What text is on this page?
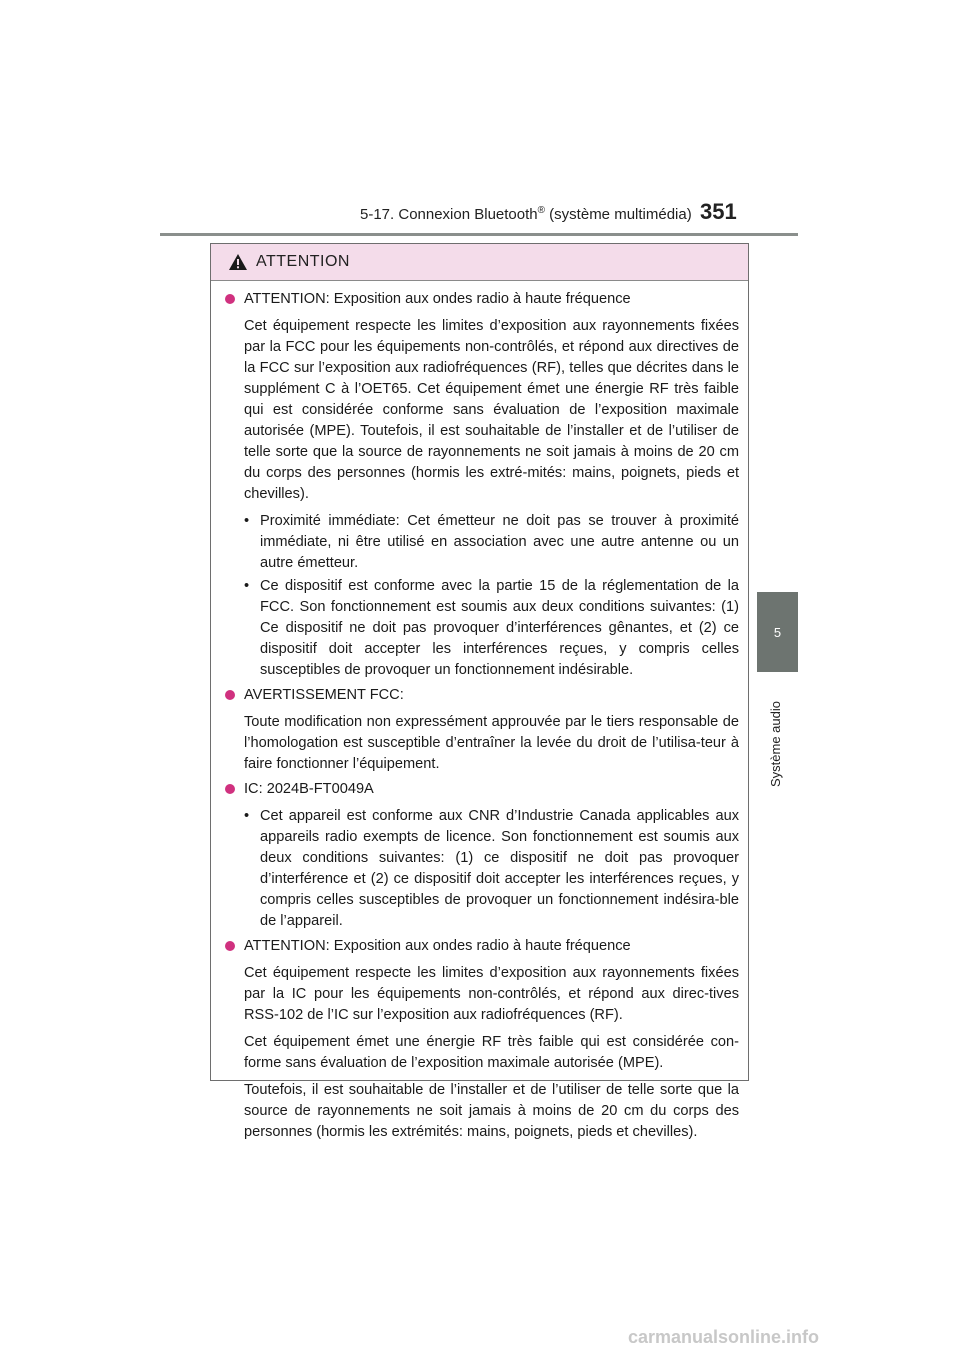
5-17. Connexion Bluetooth® (système multimédia) 351
5
Système audio
ATTENTION

ATTENTION: Exposition aux ondes radio à haute fréquence

Cet équipement respecte les limites d’exposition aux rayonnements fixées par la FCC pour les équipements non-contrôlés, et répond aux directives de la FCC sur l’exposition aux radiofréquences (RF), telles que décrites dans le supplément C à l’OET65. Cet équipement émet une énergie RF très faible qui est considérée conforme sans évaluation de l’exposition maximale autorisée (MPE). Toutefois, il est souhaitable de l’installer et de l’utiliser de telle sorte que la source de rayonnements ne soit jamais à moins de 20 cm du corps des personnes (hormis les extré-mités: mains, poignets, pieds et chevilles).

• Proximité immédiate: Cet émetteur ne doit pas se trouver à proximité immédiate, ni être utilisé en association avec une autre antenne ou un autre émetteur.
• Ce dispositif est conforme avec la partie 15 de la réglementation de la FCC. Son fonctionnement est soumis aux deux conditions suivantes: (1) Ce dispositif ne doit pas provoquer d’interférences gênantes, et (2) ce dispositif doit accepter les interférences reçues, y compris celles susceptibles de provoquer un fonctionnement indésirable.

AVERTISSEMENT FCC:

Toute modification non expressément approuvée par le tiers responsable de l’homologation est susceptible d’entraîner la levée du droit de l’utilisa-teur à faire fonctionner l’équipement.

IC: 2024B-FT0049A

• Cet appareil est conforme aux CNR d’Industrie Canada applicables aux appareils radio exempts de licence. Son fonctionnement est soumis aux deux conditions suivantes: (1) ce dispositif ne doit pas provoquer d’interférence et (2) ce dispositif doit accepter les interférences reçues, y compris celles susceptibles de provoquer un fonctionnement indésira-ble de l’appareil.

ATTENTION: Exposition aux ondes radio à haute fréquence

Cet équipement respecte les limites d’exposition aux rayonnements fixées par la IC pour les équipements non-contrôlés, et répond aux direc-tives RSS-102 de l’IC sur l’exposition aux radiofréquences (RF).

Cet équipement émet une énergie RF très faible qui est considérée con-forme sans évaluation de l’exposition maximale autorisée (MPE).

Toutefois, il est souhaitable de l’installer et de l’utiliser de telle sorte que la source de rayonnements ne soit jamais à moins de 20 cm du corps des personnes (hormis les extrémités: mains, poignets, pieds et chevilles).

carmanualsonline.info
